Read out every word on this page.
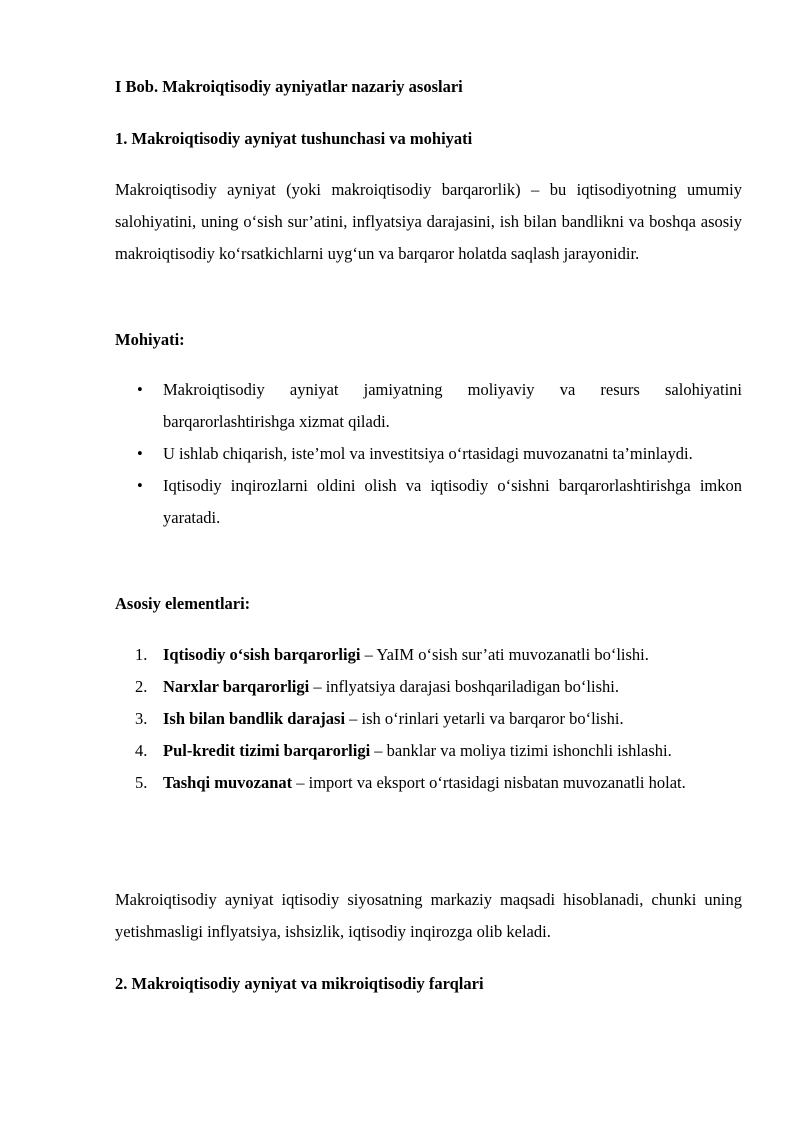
I Bob. Makroiqtisodiy ayniyatlar nazariy asoslari
1. Makroiqtisodiy ayniyat tushunchasi va mohiyati
Makroiqtisodiy ayniyat (yoki makroiqtisodiy barqarorlik) – bu iqtisodiyotning umumiy salohiyatini, uning o‘sish sur’atini, inflyatsiya darajasini, ish bilan bandlikni va boshqa asosiy makroiqtisodiy ko‘rsatkichlarni uyg‘un va barqaror holatda saqlash jarayonidir.
Mohiyati:
• Makroiqtisodiy ayniyat jamiyatning moliyaviy va resurs salohiyatini barqarorlashtirishga xizmat qiladi.
• U ishlab chiqarish, iste’mol va investitsiya o‘rtasidagi muvozanatni ta’minlaydi.
• Iqtisodiy inqirozlarni oldini olish va iqtisodiy o‘sishni barqarorlashtirishga imkon yaratadi.
Asosiy elementlari:
1. Iqtisodiy o‘sish barqarorligi – YaIM o‘sish sur’ati muvozanatli bo‘lishi.
2. Narxlar barqarorligi – inflyatsiya darajasi boshqariladigan bo‘lishi.
3. Ish bilan bandlik darajasi – ish o‘rinlari yetarli va barqaror bo‘lishi.
4. Pul-kredit tizimi barqarorligi – banklar va moliya tizimi ishonchli ishlashi.
5. Tashqi muvozanat – import va eksport o‘rtasidagi nisbatan muvozanatli holat.
Makroiqtisodiy ayniyat iqtisodiy siyosatning markaziy maqsadi hisoblanadi, chunki uning yetishmasligi inflyatsiya, ishsizlik, iqtisodiy inqirozga olib keladi.
2. Makroiqtisodiy ayniyat va mikroiqtisodiy farqlari
